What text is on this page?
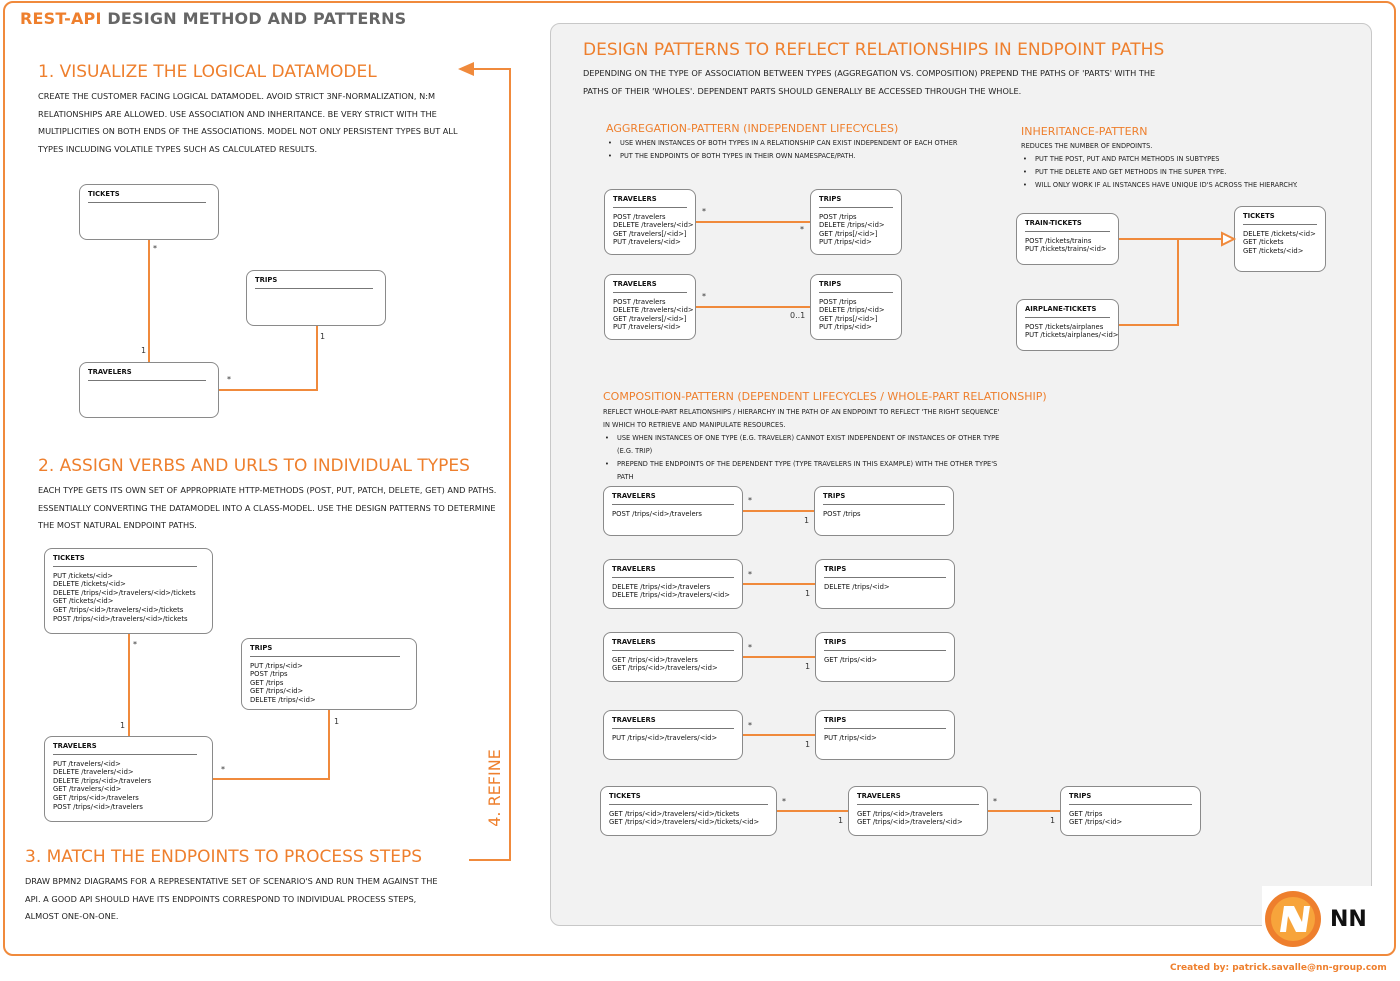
REST-API DESIGN METHOD AND PATTERNS
1. VISUALIZE THE LOGICAL DATAMODEL
CREATE THE CUSTOMER FACING LOGICAL DATAMODEL. AVOID STRICT 3NF-NORMALIZATION, N:M RELATIONSHIPS ARE ALLOWED. USE ASSOCIATION AND INHERITANCE. BE VERY STRICT WITH THE MULTIPLICITIES ON BOTH ENDS OF THE ASSOCIATIONS. MODEL NOT ONLY PERSISTENT TYPES BUT ALL TYPES INCLUDING VOLATILE TYPES SUCH AS CALCULATED RESULTS.
TICKETS
TRIPS
TRAVELERS
*
1
1
*
2. ASSIGN VERBS AND URLS TO INDIVIDUAL TYPES
EACH TYPE GETS ITS OWN SET OF APPROPRIATE HTTP-METHODS (POST, PUT, PATCH, DELETE, GET) AND PATHS. ESSENTIALLY CONVERTING THE DATAMODEL INTO A CLASS-MODEL. USE THE DESIGN PATTERNS TO DETERMINE THE MOST NATURAL ENDPOINT PATHS.
TICKETS
PUT /tickets/<id>
DELETE /tickets/<id>
DELETE /trips/<id>/travelers/<id>/tickets
GET /tickets/<id>
GET /trips/<id>/travelers/<id>/tickets
POST /trips/<id>/travelers/<id>/tickets
TRIPS
PUT /trips/<id>
POST /trips
GET /trips
GET /trips/<id>
DELETE /trips/<id>
TRAVELERS
PUT /travelers/<id>
DELETE /travelers/<id>
DELETE /trips/<id>/travelers
GET /travelers/<id>
GET /trips/<id>/travelers
POST /trips/<id>/travelers
*
1	1
*
3. MATCH THE ENDPOINTS TO PROCESS STEPS
DRAW BPMN2 DIAGRAMS FOR A REPRESENTATIVE SET OF SCENARIO'S AND RUN THEM AGAINST THE API. A GOOD API SHOULD HAVE ITS ENDPOINTS CORRESPOND TO INDIVIDUAL PROCESS STEPS, ALMOST ONE-ON-ONE.
4. REFINE
DESIGN PATTERNS TO REFLECT RELATIONSHIPS IN ENDPOINT PATHS
DEPENDING ON THE TYPE OF ASSOCIATION BETWEEN TYPES (AGGREGATION VS. COMPOSITION) PREPEND THE PATHS OF 'PARTS' WITH THE PATHS OF THEIR 'WHOLES'. DEPENDENT PARTS SHOULD GENERALLY BE ACCESSED THROUGH THE WHOLE.
AGGREGATION-PATTERN (INDEPENDENT LIFECYCLES)
• USE WHEN INSTANCES OF BOTH TYPES IN A RELATIONSHIP CAN EXIST INDEPENDENT OF EACH OTHER
• PUT THE ENDPOINTS OF BOTH TYPES IN THEIR OWN NAMESPACE/PATH.
TRAVELERS
POST /travelers
DELETE /travelers/<id>
GET /travelers[/<id>]
PUT /travelers/<id>
TRIPS
POST /trips
DELETE /trips/<id>
GET /trips[/<id>]
PUT /trips/<id>
*
*
TRAVELERS
POST /travelers
DELETE /travelers/<id>
GET /travelers[/<id>]
PUT /travelers/<id>
TRIPS
POST /trips
DELETE /trips/<id>
GET /trips[/<id>]
PUT /trips/<id>
*
0..1
INHERITANCE-PATTERN
REDUCES THE NUMBER OF ENDPOINTS.
• PUT THE POST, PUT AND PATCH METHODS IN SUBTYPES
• PUT THE DELETE AND GET METHODS IN THE SUPER TYPE.
• WILL ONLY WORK IF AL INSTANCES HAVE UNIQUE ID'S ACROSS THE HIERARCHY.
TRAIN-TICKETS
POST /tickets/trains
PUT /tickets/trains/<id>
AIRPLANE-TICKETS
POST /tickets/airplanes
PUT /tickets/airplanes/<id>
TICKETS
DELETE /tickets/<id>
GET /tickets
GET /tickets/<id>
COMPOSITION-PATTERN (DEPENDENT LIFECYCLES / WHOLE-PART RELATIONSHIP)
REFLECT WHOLE-PART RELATIONSHIPS / HIERARCHY IN THE PATH OF AN ENDPOINT TO REFLECT 'THE RIGHT SEQUENCE' IN WHICH TO RETRIEVE AND MANIPULATE RESOURCES.
• USE WHEN INSTANCES OF ONE TYPE (E.G. TRAVELER) CANNOT EXIST INDEPENDENT OF INSTANCES OF OTHER TYPE (E.G. TRIP)
• PREPEND THE ENDPOINTS OF THE DEPENDENT TYPE (TYPE TRAVELERS IN THIS EXAMPLE) WITH THE OTHER TYPE'S PATH
TRAVELERS
POST /trips/<id>/travelers
TRIPS
POST /trips
*
1
TRAVELERS
DELETE /trips/<id>/travelers
DELETE /trips/<id>/travelers/<id>
TRIPS
DELETE /trips/<id>
*
1
TRAVELERS
GET /trips/<id>/travelers
GET /trips/<id>/travelers/<id>
TRIPS
GET /trips/<id>
*
1
TRAVELERS
PUT /trips/<id>/travelers/<id>
TRIPS
PUT /trips/<id>
*
1
TICKETS
GET /trips/<id>/travelers/<id>/tickets
GET /trips/<id>/travelers/<id>/tickets/<id>
TRAVELERS
GET /trips/<id>/travelers
GET /trips/<id>/travelers/<id>
TRIPS
GET /trips
GET /trips/<id>
*
1
*
1
NN
Created by: patrick.savalle@nn-group.com
